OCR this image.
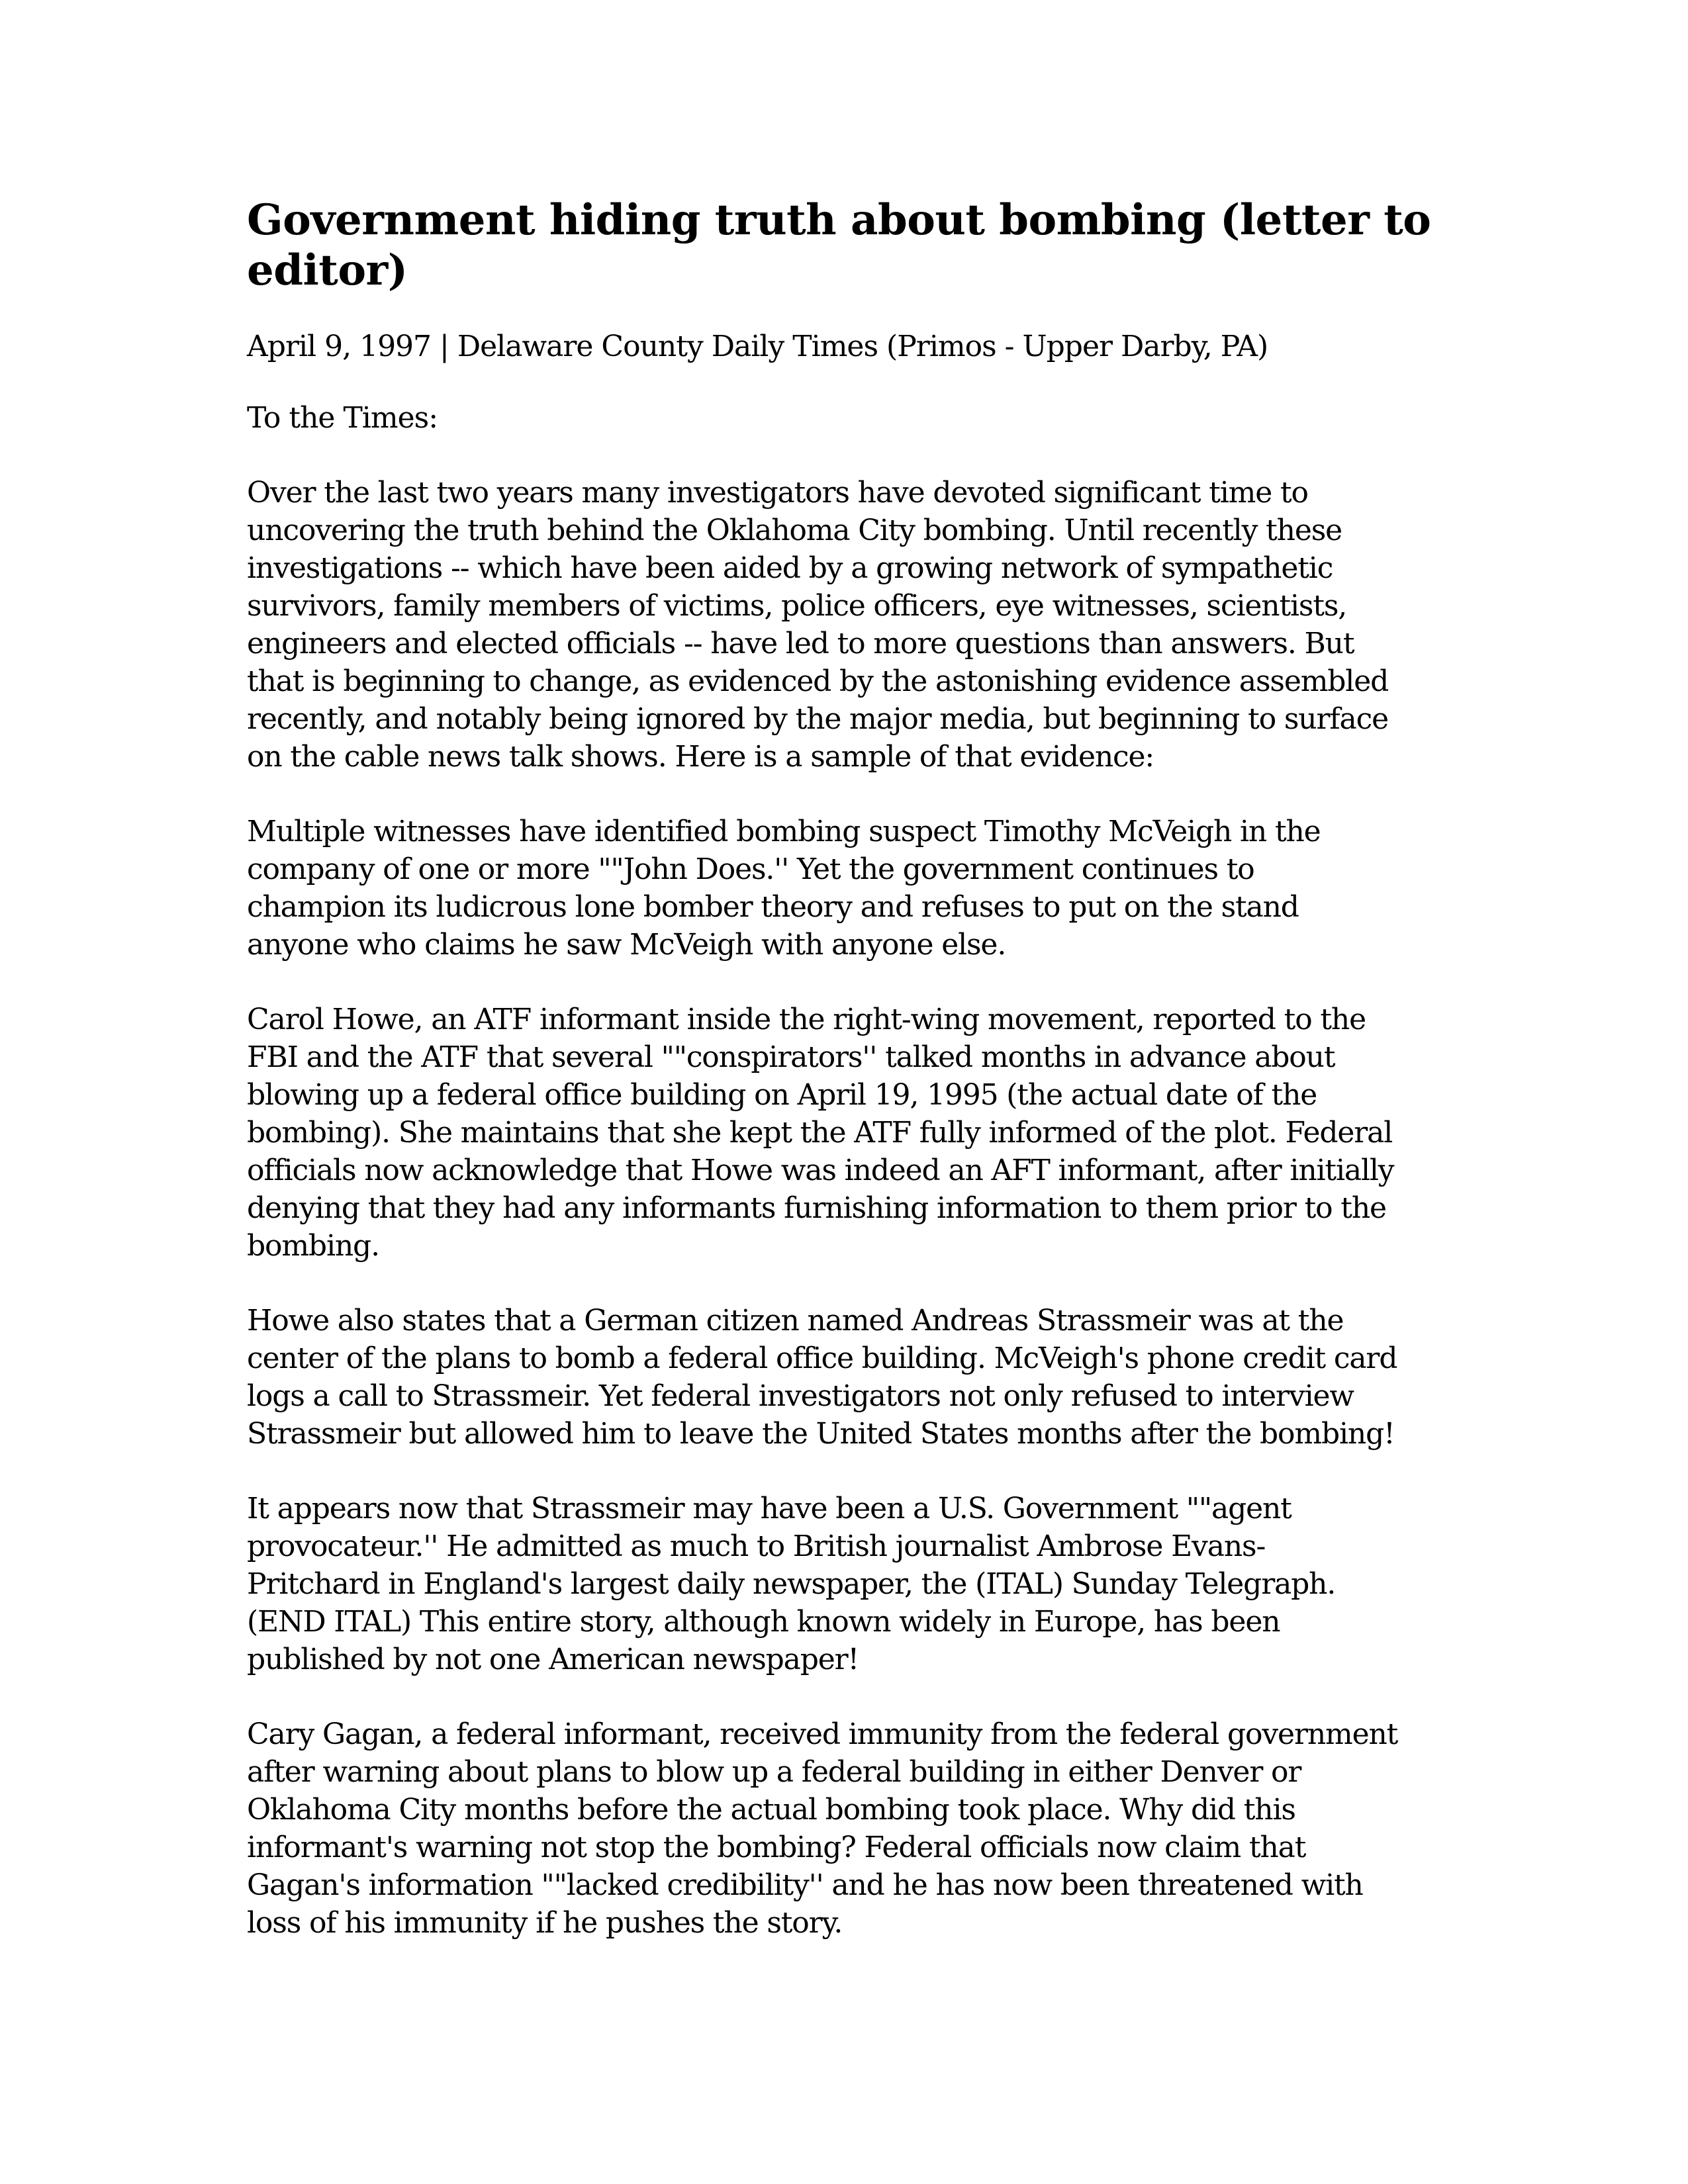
Government hiding truth about bombing (letter to
editor)

April 9, 1997 | Delaware County Daily Times (Primos - Upper Darby, PA)

To the Times:

Over the last two years many investigators have devoted significant time to
uncovering the truth behind the Oklahoma City bombing. Until recently these
investigations -- which have been aided by a growing network of sympathetic
survivors, family members of victims, police officers, eye witnesses, scientists,
engineers and elected officials -- have led to more questions than answers. But
that is beginning to change, as evidenced by the astonishing evidence assembled
recently, and notably being ignored by the major media, but beginning to surface
on the cable news talk shows. Here is a sample of that evidence:

Multiple witnesses have identified bombing suspect Timothy McVeigh in the
company of one or more ""John Does.'' Yet the government continues to
champion its ludicrous lone bomber theory and refuses to put on the stand
anyone who claims he saw McVeigh with anyone else.

Carol Howe, an ATF informant inside the right-wing movement, reported to the
FBI and the ATF that several ""conspirators'' talked months in advance about
blowing up a federal office building on April 19, 1995 (the actual date of the
bombing). She maintains that she kept the ATF fully informed of the plot. Federal
officials now acknowledge that Howe was indeed an AFT informant, after initially
denying that they had any informants furnishing information to them prior to the
bombing.

Howe also states that a German citizen named Andreas Strassmeir was at the
center of the plans to bomb a federal office building. McVeigh's phone credit card
logs a call to Strassmeir. Yet federal investigators not only refused to interview
Strassmeir but allowed him to leave the United States months after the bombing!

It appears now that Strassmeir may have been a U.S. Government ""agent
provocateur.'' He admitted as much to British journalist Ambrose Evans-
Pritchard in England's largest daily newspaper, the (ITAL) Sunday Telegraph.
(END ITAL) This entire story, although known widely in Europe, has been
published by not one American newspaper!

Cary Gagan, a federal informant, received immunity from the federal government
after warning about plans to blow up a federal building in either Denver or
Oklahoma City months before the actual bombing took place. Why did this
informant's warning not stop the bombing? Federal officials now claim that
Gagan's information ""lacked credibility'' and he has now been threatened with
loss of his immunity if he pushes the story.
